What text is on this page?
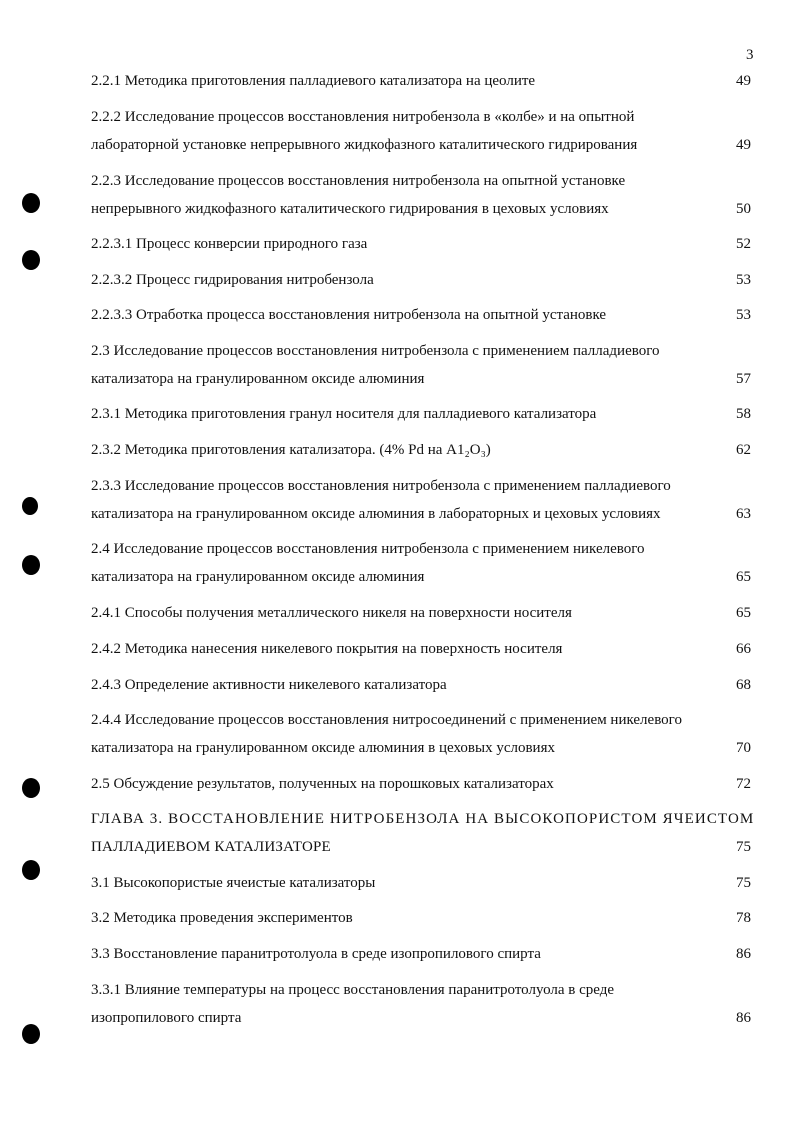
3
2.2.1 Методика приготовления палладиевого катализатора на цеолите	49
2.2.2 Исследование процессов восстановления нитробензола в «колбе» и на опытной
лабораторной установке непрерывного жидкофазного каталитического гидрирования	49
2.2.3 Исследование процессов восстановления нитробензола на опытной установке
непрерывного жидкофазного каталитического гидрирования в цеховых условиях	50
2.2.3.1 Процесс конверсии природного газа	52
2.2.3.2 Процесс гидрирования нитробензола	53
2.2.3.3 Отработка процесса восстановления нитробензола на опытной установке	53
2.3 Исследование процессов восстановления нитробензола с применением палладиевого
катализатора на гранулированном оксиде алюминия	57
2.3.1 Методика приготовления гранул носителя для палладиевого катализатора	58
2.3.2 Методика приготовления катализатора. (4% Pd на A1₂O₃)	62
2.3.3 Исследование процессов восстановления нитробензола с применением палладиевого
катализатора на гранулированном оксиде алюминия в лабораторных и цеховых условиях	63
2.4 Исследование процессов восстановления нитробензола с применением никелевого
катализатора на гранулированном оксиде алюминия	65
2.4.1 Способы получения металлического никеля на поверхности носителя	65
2.4.2 Методика нанесения никелевого покрытия на поверхность носителя	66
2.4.3 Определение активности никелевого катализатора	68
2.4.4 Исследование процессов восстановления нитросоединений с применением никелевого
катализатора на гранулированном оксиде алюминия в цеховых условиях	70
2.5 Обсуждение результатов, полученных на порошковых катализаторах	72
ГЛАВА 3. ВОССТАНОВЛЕНИЕ НИТРОБЕНЗОЛА НА ВЫСОКОПОРИСТОМ ЯЧЕИСТОМ
ПАЛЛАДИЕВОМ КАТАЛИЗАТОРЕ	75
3.1 Высокопористые ячеистые катализаторы	75
3.2 Методика проведения экспериментов	78
3.3 Восстановление паранитротолуола в среде изопропилового спирта	86
3.3.1 Влияние температуры на процесс восстановления паранитротолуола в среде
изопропилового спирта	86
